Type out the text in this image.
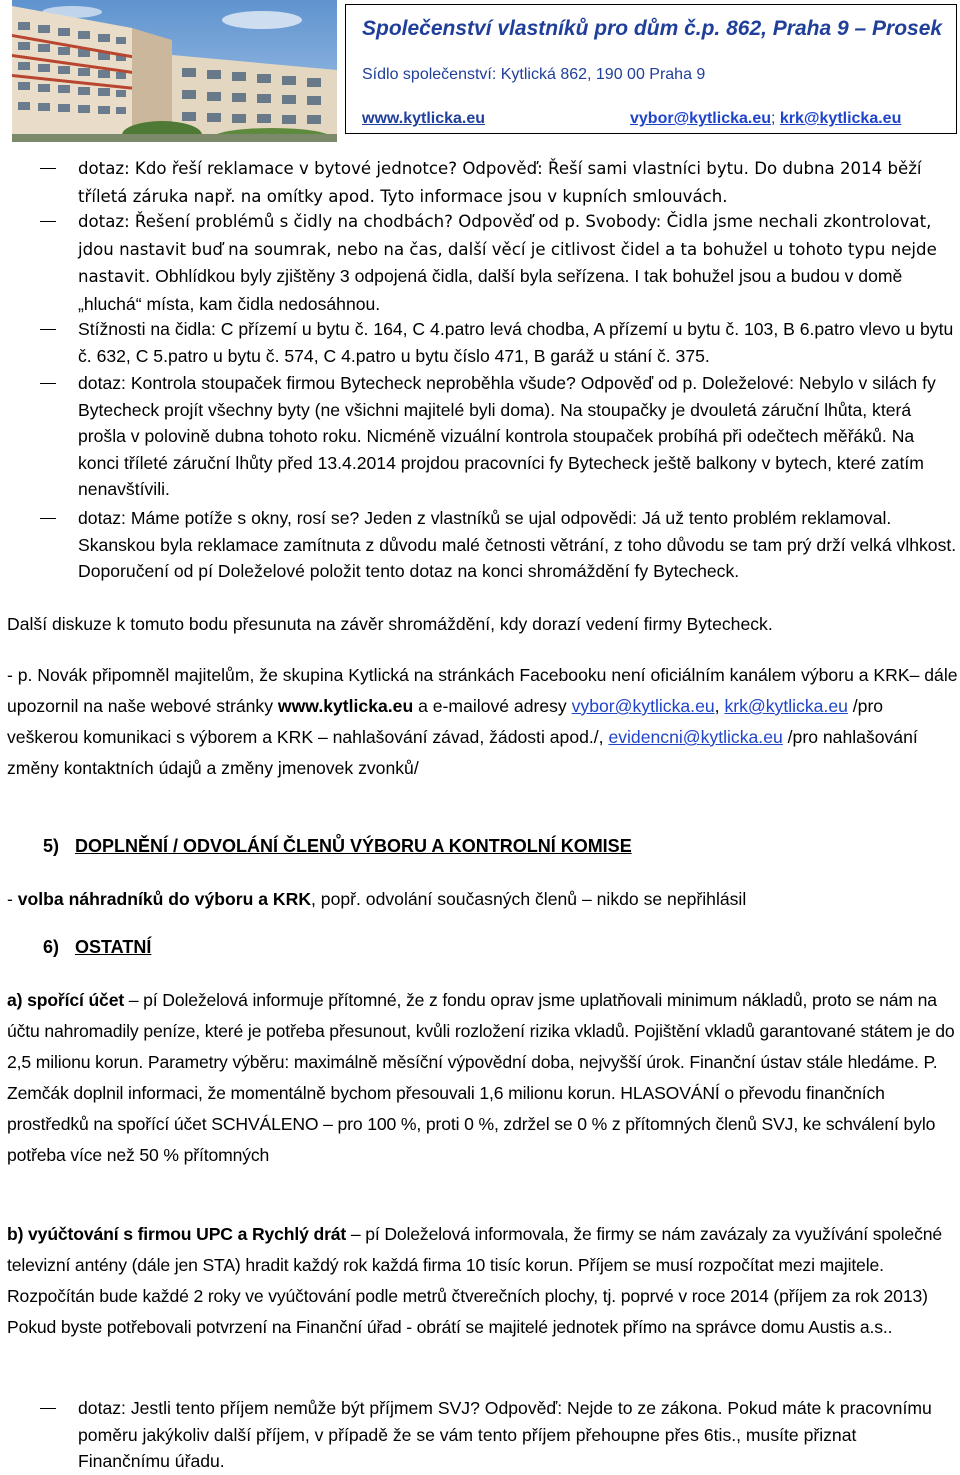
Společenství vlastníků pro dům č.p. 862, Praha 9 – Prosek
Sídlo společenství: Kytlická 862, 190 00 Praha 9
www.kytlicka.eu	vybor@kytlicka.eu; krk@kytlicka.eu
dotaz: Kdo řeší reklamace v bytové jednotce? Odpověď: Řeší sami vlastníci bytu. Do dubna 2014 běží tříletá záruka např. na omítky apod. Tyto informace jsou v kupních smlouvách.
dotaz: Řešení problémů s čidly na chodbách? Odpověď od p. Svobody: Čidla jsme nechali zkontrolovat, jdou nastavit buď na soumrak, nebo na čas, další věcí je citlivost čidel a ta bohužel u tohoto typu nejde nastavit. Obhlídkou byly zjištěny 3 odpojená čidla, další byla seřízena. I tak bohužel jsou a budou v domě „hluchá“ místa, kam čidla nedosáhnou.
Stížnosti na čidla: C přízemí u bytu č. 164, C 4.patro levá chodba, A přízemí u bytu č. 103, B 6.patro vlevo u bytu č. 632, C 5.patro u bytu č. 574, C 4.patro u bytu číslo 471, B garáž u stání č. 375.
dotaz: Kontrola stoupaček firmou Bytecheck neproběhla všude? Odpověď od p. Doleželové: Nebylo v silách fy Bytecheck projít všechny byty (ne všichni majitelé byli doma). Na stoupačky je dvouletá záruční lhůta, která prošla v polovině dubna tohoto roku. Nicméně vizuální kontrola stoupaček probíhá při odečtech měřáků. Na konci tříleté záruční lhůty před 13.4.2014 projdou pracovníci fy Bytecheck ještě balkony v bytech, které zatím nenavštívili.
dotaz: Máme potíže s okny, rosí se? Jeden z vlastníků se ujal odpovědi: Já už tento problém reklamoval. Skanskou byla reklamace zamítnuta z důvodu malé četnosti větrání, z toho důvodu se tam prý drží velká vlhkost. Doporučení od pí Doleželové položit tento dotaz na konci shromáždění fy Bytecheck.
Další diskuze k tomuto bodu přesunuta na závěr shromáždění, kdy dorazí vedení firmy Bytecheck.
- p. Novák připomněl majitelům, že skupina Kytlická na stránkách Facebooku není oficiálním kanálem výboru a KRK– dále upozornil na naše webové stránky www.kytlicka.eu a e-mailové adresy vybor@kytlicka.eu, krk@kytlicka.eu /pro veškerou komunikaci s výborem a KRK – nahlašování závad, žádosti apod./, evidencni@kytlicka.eu /pro nahlašování změny kontaktních údajů a změny jmenovek zvonků/
5) DOPLNĚNÍ / ODVOLÁNÍ ČLENŮ VÝBORU A KONTROLNÍ KOMISE
- volba náhradníků do výboru a KRK, popř. odvolání současných členů – nikdo se nepřihlásil
6) OSTATNÍ
a) spořící účet – pí Doleželová informuje přítomné, že z fondu oprav jsme uplatňovali minimum nákladů, proto se nám na účtu nahromadily peníze, které je potřeba přesunout, kvůli rozložení rizika vkladů. Pojištění vkladů garantované státem je do 2,5 milionu korun. Parametry výběru: maximálně měsíční výpovědní doba, nejvyšší úrok. Finanční ústav stále hledáme. P. Zemčák doplnil informaci, že momentálně bychom přesouvali 1,6 milionu korun. HLASOVÁNÍ o převodu finančních prostředků na spořící účet SCHVÁLENO – pro 100 %, proti 0 %, zdržel se 0 % z přítomných členů SVJ, ke schválení bylo potřeba více než 50 % přítomných
b) vyúčtování s firmou UPC a Rychlý drát – pí Doleželová informovala, že firmy se nám zavázaly za využívání společné televizní antény (dále jen STA) hradit každý rok každá firma 10 tisíc korun. Příjem se musí rozpočítat mezi majitele. Rozpočítán bude každé 2 roky ve vyúčtování podle metrů čtverečních plochy, tj. poprvé v roce 2014 (příjem za rok 2013) Pokud byste potřebovali potvrzení na Finanční úřad - obrátí se majitelé jednotek přímo na správce domu Austis a.s..
dotaz: Jestli tento příjem nemůže být příjmem SVJ? Odpověď: Nejde to ze zákona. Pokud máte k pracovnímu poměru jakýkoliv další příjem, v případě že se vám tento příjem přehoupne přes 6tis., musíte přiznat Finančnímu úřadu.
